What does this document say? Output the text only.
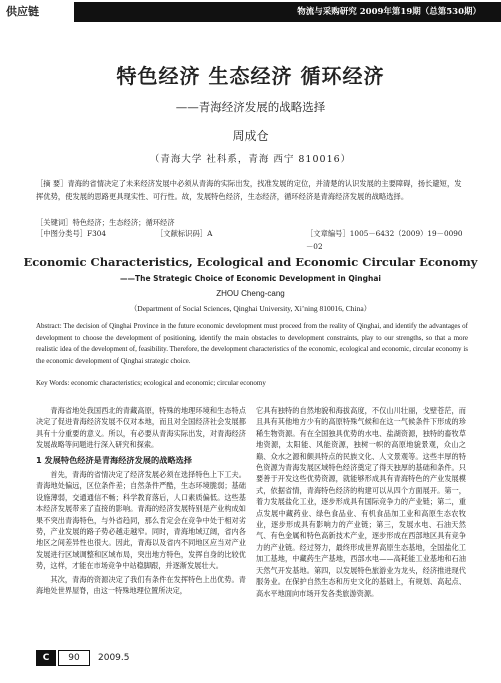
供应链	物流与采购研究 2009年第19期（总第530期）
特色经济 生态经济 循环经济
——青海经济发展的战略选择
周成仓
（青海大学 社科系，青海 西宁 810016）
［摘 要］青海的省情决定了未来经济发展中必须从青海的实际出发，找准发展的定位，并清楚的认识发展的主要障碍，扬长避短，发挥优势，使发展的思路更具现实性、可行性。故，发展特色经济，生态经济，循环经济是青海经济发展的战略选择。
［关键词］特色经济；生态经济；循环经济
［中图分类号］F304	［文献标识码］A	［文章编号］1005－6432（2009）19－0090－02
Economic Characteristics, Ecological and Economic Circular Economy
——The Strategic Choice of Economic Development in Qinghai
ZHOU Cheng-cang
（Department of Social Sciences, Qinghai University, Xi’ning 810016, China）
Abstract: The decision of Qinghai Province in the future economic development must proceed from the reality of Qinghai, and identify the advantages of development to choose the development of positioning, identify the main obstacles to development constraints, play to our strengths, so that a more realistic idea of the development of, feasibility. Therefore, the development characteristics of the economic, ecological and economic, circular economy is the economic development of Qinghai strategic choice.
Key Words: economic characteristics; ecological and economic; circular economy

青海省地处我国西北的青藏高原，特殊的地理环境和生态特点决定了促进青海经济发展不仅对本地，而且对全国经济社会发展都具有十分重要的意义。所以，有必要从青海实际出发，对青海经济发展战略等问题进行深入研究和探索。

1 发展特色经济是青海经济发展的战略选择

首先，青海的省情决定了经济发展必须在选择特色上下工夫。青海地处偏远，区位条件差；自然条件严酷，生态环境脆弱；基础设施薄弱，交通通信不畅；科学教育落后，人口素质偏低。这些基本经济发展带来了直接的影响。青海的经济发展特别是产业构成如果不突出青海特色，与外省趋同，那么肯定会在竞争中处于相对劣势，产业发展的路子势必越走越窄。同时，青海地域辽阔，省内各地区之间差异性也很大。因此，青海以及省内不同地区应当对产业发展进行区域调整和区域布局，突出地方特色，发挥自身的比较优势，这样，才能在市场竞争中站稳脚跟，并逐渐发展壮大。

其次，青海的资源决定了我们有条件在发挥特色上出优势。青海地处世界屋脊，由这一特殊地理位置所决定，

它具有独特的自然地貌和海拔高度，不仅山川壮丽，戈壁苍茫，而且具有其他地方少有的高原特殊气候和在这一气候条件下形成的珍稀生物资源。有在全国独具优势的水电、盐湖资源，独特的畜牧草地资源，太阳能、风能资源，独树一帜的高原地貌景观，众山之巅、众水之源和颇具特点的民族文化、人文景观等。这些丰厚的特色资源为青海发展区域特色经济奠定了得天独厚的基础和条件。只要善于开发这些优势资源，就能够形成具有青海特色的产业发展模式，依据省情，青海特色经济的构建可以从四个方面展开。第一，着力发展盐化工业，逐步形成具有国际竞争力的产业链；第二，重点发展中藏药业、绿色食品业、有机食品加工业和高原生态农牧业，逐步形成具有影响力的产业链；第三，发展水电、石油天然气、有色金属和特色高新技术产业，逐步形成在西部地区具有竞争力的产业链。经过努力，最终形成世界高原生态基地，全国盐化工加工基地，中藏药生产基地，西部水电——高耗能工业基地和石油天然气开发基地。第四，以发展特色旅游业为龙头，经济推进现代服务业。在保护自然生态和历史文化的基础上，有规划、高起点、高水平地面向市场开发各类旅游资源。

C	90	2009.5
